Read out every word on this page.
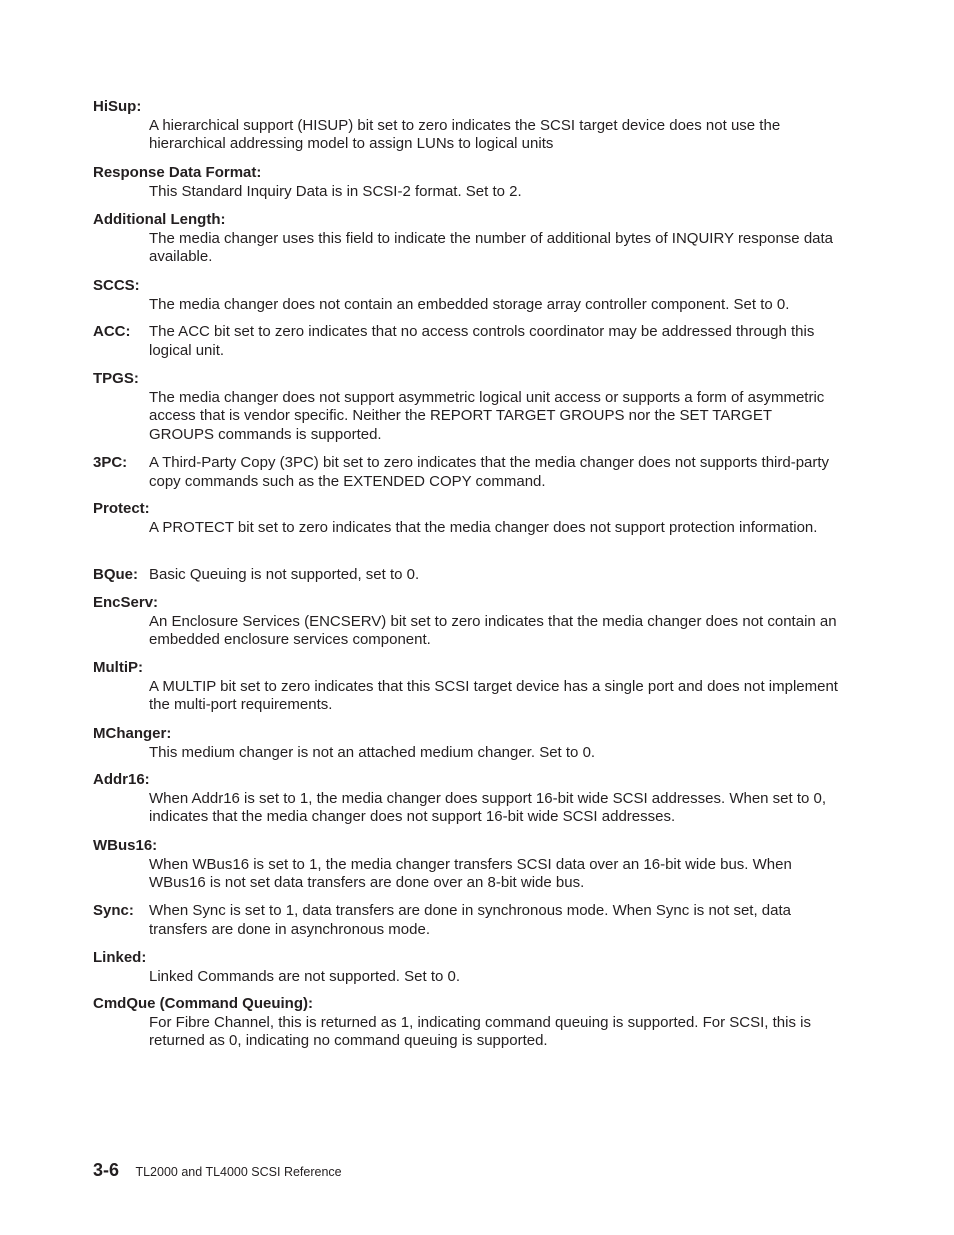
HiSup:
A hierarchical support (HISUP) bit set to zero indicates the SCSI target device does not use the hierarchical addressing model to assign LUNs to logical units
Response Data Format:
This Standard Inquiry Data is in SCSI-2 format. Set to 2.
Additional Length:
The media changer uses this field to indicate the number of additional bytes of INQUIRY response data available.
SCCS:
The media changer does not contain an embedded storage array controller component. Set to 0.
ACC:	The ACC bit set to zero indicates that no access controls coordinator may be addressed through this logical unit.
TPGS:
The media changer does not support asymmetric logical unit access or supports a form of asymmetric access that is vendor specific. Neither the REPORT TARGET GROUPS nor the SET TARGET GROUPS commands is supported.
3PC:	A Third-Party Copy (3PC) bit set to zero indicates that the media changer does not supports third-party copy commands such as the EXTENDED COPY command.
Protect:
A PROTECT bit set to zero indicates that the media changer does not support protection information.
BQue: Basic Queuing is not supported, set to 0.
EncServ:
An Enclosure Services (ENCSERV) bit set to zero indicates that the media changer does not contain an embedded enclosure services component.
MultiP:
A MULTIP bit set to zero indicates that this SCSI target device has a single port and does not implement the multi-port requirements.
MChanger:
This medium changer is not an attached medium changer. Set to 0.
Addr16:
When Addr16 is set to 1, the media changer does support 16-bit wide SCSI addresses. When set to 0, indicates that the media changer does not support 16-bit wide SCSI addresses.
WBus16:
When WBus16 is set to 1, the media changer transfers SCSI data over an 16-bit wide bus. When WBus16 is not set data transfers are done over an 8-bit wide bus.
Sync:	When Sync is set to 1, data transfers are done in synchronous mode. When Sync is not set, data transfers are done in asynchronous mode.
Linked:
Linked Commands are not supported. Set to 0.
CmdQue (Command Queuing):
For Fibre Channel, this is returned as 1, indicating command queuing is supported. For SCSI, this is returned as 0, indicating no command queuing is supported.
3-6 TL2000 and TL4000 SCSI Reference
